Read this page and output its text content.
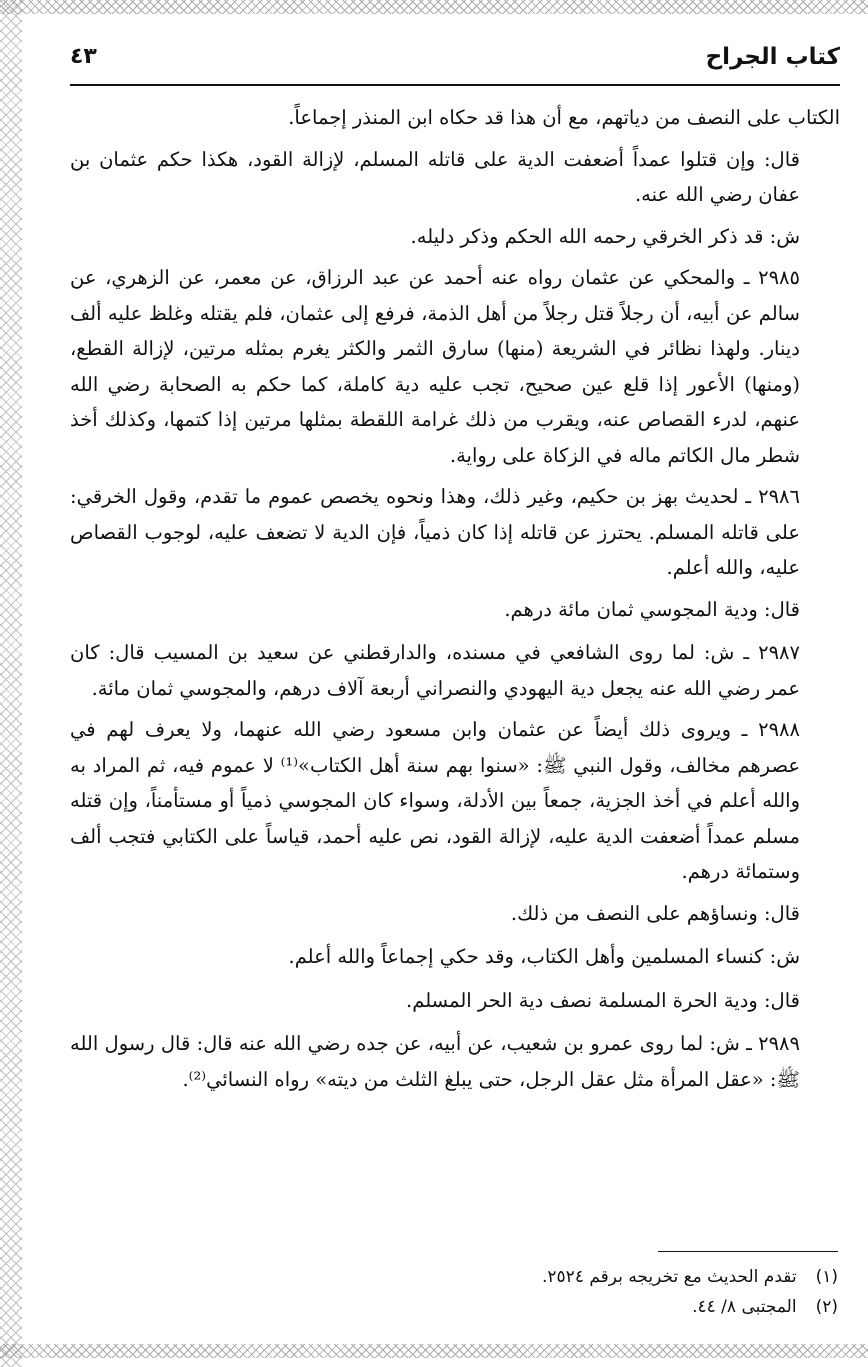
٤٣	كتاب الجراح

الكتاب على النصف من دياتهم، مع أن هذا قد حكاه ابن المنذر إجماعاً.

قال: وإن قتلوا عمداً أضعفت الدية على قاتله المسلم، لإزالة القود، هكذا حكم عثمان بن عفان رضي الله عنه.

ش: قد ذكر الخرقي رحمه الله الحكم وذكر دليله.

٢٩٨٥ ـ والمحكي عن عثمان رواه عنه أحمد عن عبد الرزاق، عن معمر، عن الزهري، عن سالم عن أبيه، أن رجلاً قتل رجلاً من أهل الذمة، فرفع إلى عثمان، فلم يقتله وغلظ عليه ألف دينار. ولهذا نظائر في الشريعة (منها) سارق الثمر والكثر يغرم بمثله مرتين، لإزالة القطع، (ومنها) الأعور إذا قلع عين صحيح، تجب عليه دية كاملة، كما حكم به الصحابة رضي الله عنهم، لدرء القصاص عنه، ويقرب من ذلك غرامة اللقطة بمثلها مرتين إذا كتمها، وكذلك أخذ شطر مال الكاتم ماله في الزكاة على رواية.

٢٩٨٦ ـ لحديث بهز بن حكيم، وغير ذلك، وهذا ونحوه يخصص عموم ما تقدم، وقول الخرقي: على قاتله المسلم. يحترز عن قاتله إذا كان ذمياً، فإن الدية لا تضعف عليه، لوجوب القصاص عليه، والله أعلم.

قال: ودية المجوسي ثمان مائة درهم.

٢٩٨٧ ـ ش: لما روى الشافعي في مسنده، والدارقطني عن سعيد بن المسيب قال: كان عمر رضي الله عنه يجعل دية اليهودي والنصراني أربعة آلاف درهم، والمجوسي ثمان مائة.

٢٩٨٨ ـ ويروى ذلك أيضاً عن عثمان وابن مسعود رضي الله عنهما، ولا يعرف لهم في عصرهم مخالف، وقول النبي ﷺ: «سنوا بهم سنة أهل الكتاب»⁽¹⁾ لا عموم فيه، ثم المراد به والله أعلم في أخذ الجزية، جمعاً بين الأدلة، وسواء كان المجوسي ذمياً أو مستأمناً، وإن قتله مسلم عمداً أضعفت الدية عليه، لإزالة القود، نص عليه أحمد، قياساً على الكتابي فتجب ألف وستمائة درهم.

قال: ونساؤهم على النصف من ذلك.

ش: كنساء المسلمين وأهل الكتاب، وقد حكي إجماعاً والله أعلم.

قال: ودية الحرة المسلمة نصف دية الحر المسلم.

٢٩٨٩ ـ ش: لما روى عمرو بن شعيب، عن أبيه، عن جده رضي الله عنه قال: قال رسول الله ﷺ: «عقل المرأة مثل عقل الرجل، حتى يبلغ الثلث من ديته» رواه النسائي⁽²⁾.

(١) تقدم الحديث مع تخريجه برقم ٢٥٢٤.
(٢) المجتبى ٨/ ٤٤.
